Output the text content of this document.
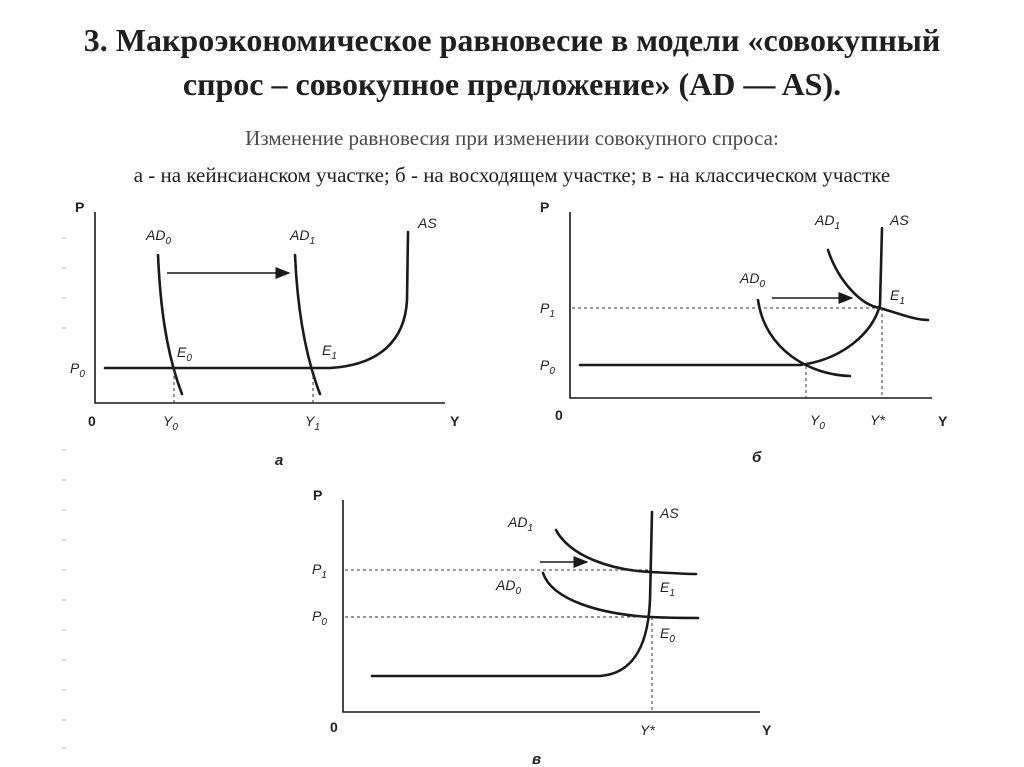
3. Макроэкономическое равновесие в модели «совокупный
спрос – совокупное предложение» (AD — AS).
Изменение равновесия при изменении совокупного спроса:
а - на кейнсианском участке; б - на восходящем участке; в - на классическом участке
P
0	Y
$AD_0$	$AD_1$
AS
$E_0$
$E_1$
$P_0$
$Y_0$	$Y_1$
а
P
0	Y
$AD_0$
$AD_1$	AS
$E_1$
$P_1$
$P_0$
$Y_0$	Y*
б
P
0	Y
$AD_1$
$AD_0$
AS
$E_1$
$E_0$
$P_1$
$P_0$
Y*
в
